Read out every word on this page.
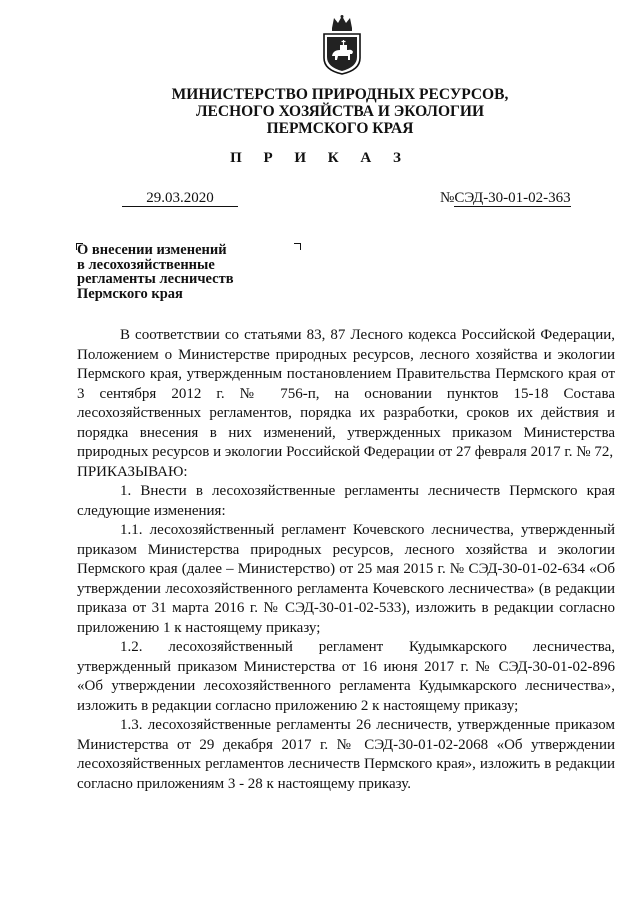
МИНИСТЕРСТВО ПРИРОДНЫХ РЕСУРСОВ,
ЛЕСНОГО ХОЗЯЙСТВА И ЭКОЛОГИИ
ПЕРМСКОГО КРАЯ
П Р И К А З
29.03.2020	№СЭД-30-01-02-363
О внесении изменений
в лесохозяйственные
регламенты лесничеств
Пермского края

В соответствии со статьями 83, 87 Лесного кодекса Российской Федерации, Положением о Министерстве природных ресурсов, лесного хозяйства и экологии Пермского края, утвержденным постановлением Правительства Пермского края от 3 сентября 2012 г. № 756-п, на основании пунктов 15-18 Состава лесохозяйственных регламентов, порядка их разработки, сроков их действия и порядка внесения в них изменений, утвержденных приказом Министерства природных ресурсов и экологии Российской Федерации от 27 февраля 2017 г. № 72,

ПРИКАЗЫВАЮ:

1. Внести в лесохозяйственные регламенты лесничеств Пермского края следующие изменения:

1.1. лесохозяйственный регламент Кочевского лесничества, утвержденный приказом Министерства природных ресурсов, лесного хозяйства и экологии Пермского края (далее – Министерство) от 25 мая 2015 г. № СЭД-30-01-02-634 «Об утверждении лесохозяйственного регламента Кочевского лесничества» (в редакции приказа от 31 марта 2016 г. № СЭД-30-01-02-533), изложить в редакции согласно приложению 1 к настоящему приказу;

1.2. лесохозяйственный регламент Кудымкарского лесничества,

утвержденный приказом Министерства от 16 июня 2017 г. № СЭД-30-01-02-896 «Об утверждении лесохозяйственного регламента Кудымкарского лесничества», изложить в редакции согласно приложению 2 к настоящему приказу;

1.3. лесохозяйственные регламенты 26 лесничеств, утвержденные приказом Министерства от 29 декабря 2017 г. № СЭД-30-01-02-2068 «Об утверждении лесохозяйственных регламентов лесничеств Пермского края», изложить в редакции согласно приложениям 3 - 28 к настоящему приказу.
